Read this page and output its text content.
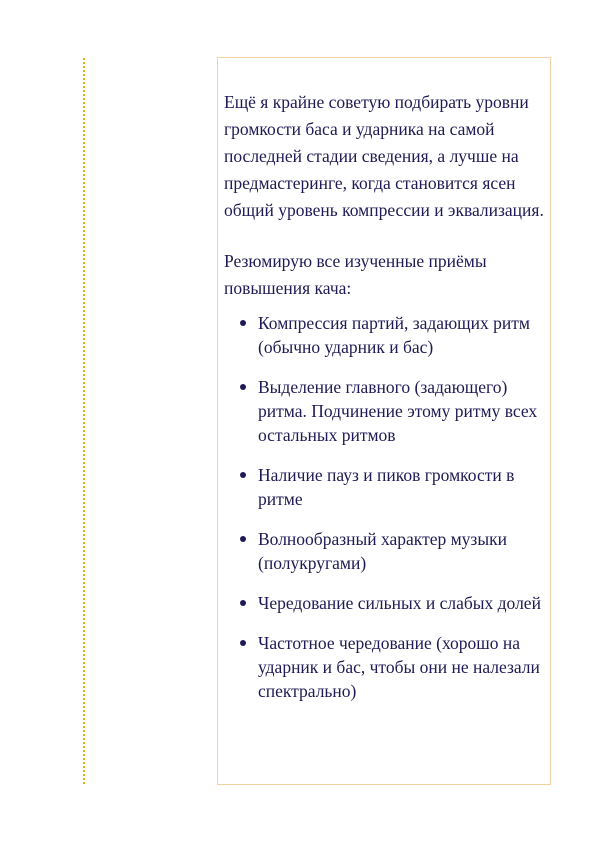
Ещё я крайне советую подбирать уровни громкости баса и ударника на самой последней стадии сведения, а лучше на предмастеринге, когда становится ясен общий уровень компрессии и эквализация.

Резюмирую все изученные приёмы повышения кача:

Компрессия партий, задающих ритм (обычно ударник и бас)
Выделение главного (задающего) ритма. Подчинение этому ритму всех остальных ритмов
Наличие пауз и пиков громкости в ритме
Волнообразный характер музыки (полукругами)
Чередование сильных и слабых долей
Частотное чередование (хорошо на ударник и бас, чтобы они не налезали спектрально)
